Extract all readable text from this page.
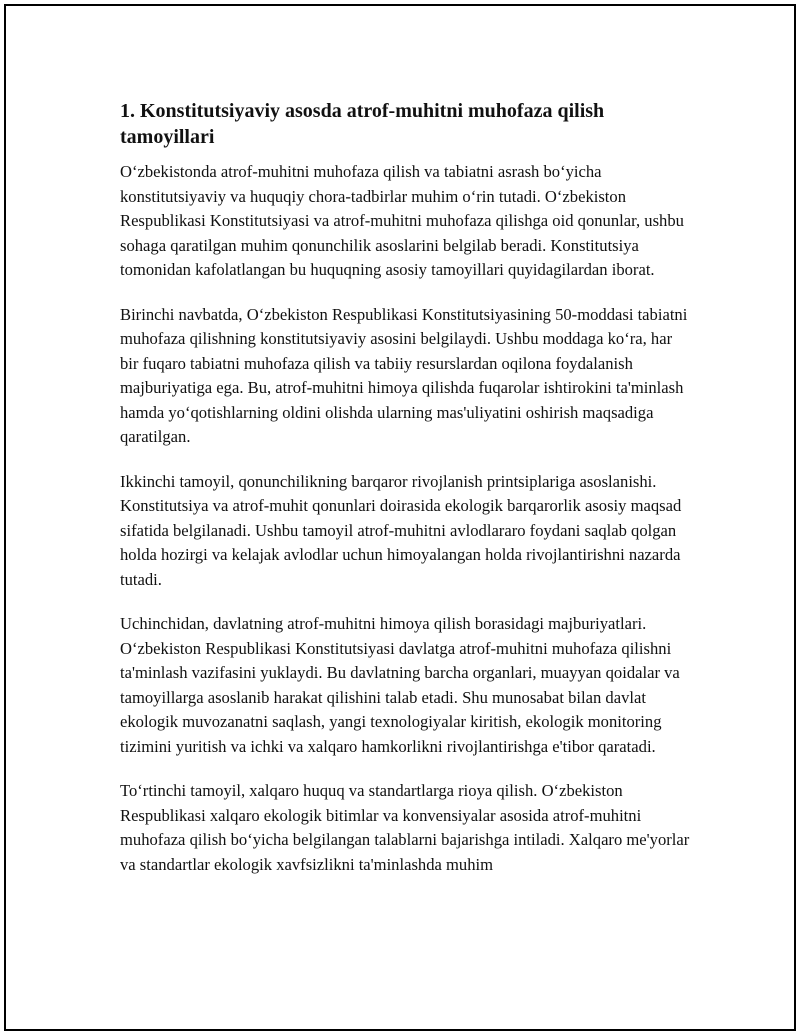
1. Konstitutsiyaviy asosda atrof-muhitni muhofaza qilish tamoyillari

O‘zbekistonda atrof-muhitni muhofaza qilish va tabiatni asrash bo‘yicha konstitutsiyaviy va huquqiy chora-tadbirlar muhim o‘rin tutadi. O‘zbekiston Respublikasi Konstitutsiyasi va atrof-muhitni muhofaza qilishga oid qonunlar, ushbu sohaga qaratilgan muhim qonunchilik asoslarini belgilab beradi. Konstitutsiya tomonidan kafolatlangan bu huquqning asosiy tamoyillari quyidagilardan iborat.

Birinchi navbatda, O‘zbekiston Respublikasi Konstitutsiyasining 50-moddasi tabiatni muhofaza qilishning konstitutsiyaviy asosini belgilaydi. Ushbu moddaga ko‘ra, har bir fuqaro tabiatni muhofaza qilish va tabiiy resurslardan oqilona foydalanish majburiyatiga ega. Bu, atrof-muhitni himoya qilishda fuqarolar ishtirokini ta'minlash hamda yo‘qotishlarning oldini olishda ularning mas'uliyatini oshirish maqsadiga qaratilgan.

Ikkinchi tamoyil, qonunchilikning barqaror rivojlanish printsiplariga asoslanishi. Konstitutsiya va atrof-muhit qonunlari doirasida ekologik barqarorlik asosiy maqsad sifatida belgilanadi. Ushbu tamoyil atrof-muhitni avlodlararo foydani saqlab qolgan holda hozirgi va kelajak avlodlar uchun himoyalangan holda rivojlantirishni nazarda tutadi.

Uchinchidan, davlatning atrof-muhitni himoya qilish borasidagi majburiyatlari. O‘zbekiston Respublikasi Konstitutsiyasi davlatga atrof-muhitni muhofaza qilishni ta'minlash vazifasini yuklaydi. Bu davlatning barcha organlari, muayyan qoidalar va tamoyillarga asoslanib harakat qilishini talab etadi. Shu munosabat bilan davlat ekologik muvozanatni saqlash, yangi texnologiyalar kiritish, ekologik monitoring tizimini yuritish va ichki va xalqaro hamkorlikni rivojlantirishga e'tibor qaratadi.

To‘rtinchi tamoyil, xalqaro huquq va standartlarga rioya qilish. O‘zbekiston Respublikasi xalqaro ekologik bitimlar va konvensiyalar asosida atrof-muhitni muhofaza qilish bo‘yicha belgilangan talablarni bajarishga intiladi. Xalqaro me'yorlar va standartlar ekologik xavfsizlikni ta'minlashda muhim
